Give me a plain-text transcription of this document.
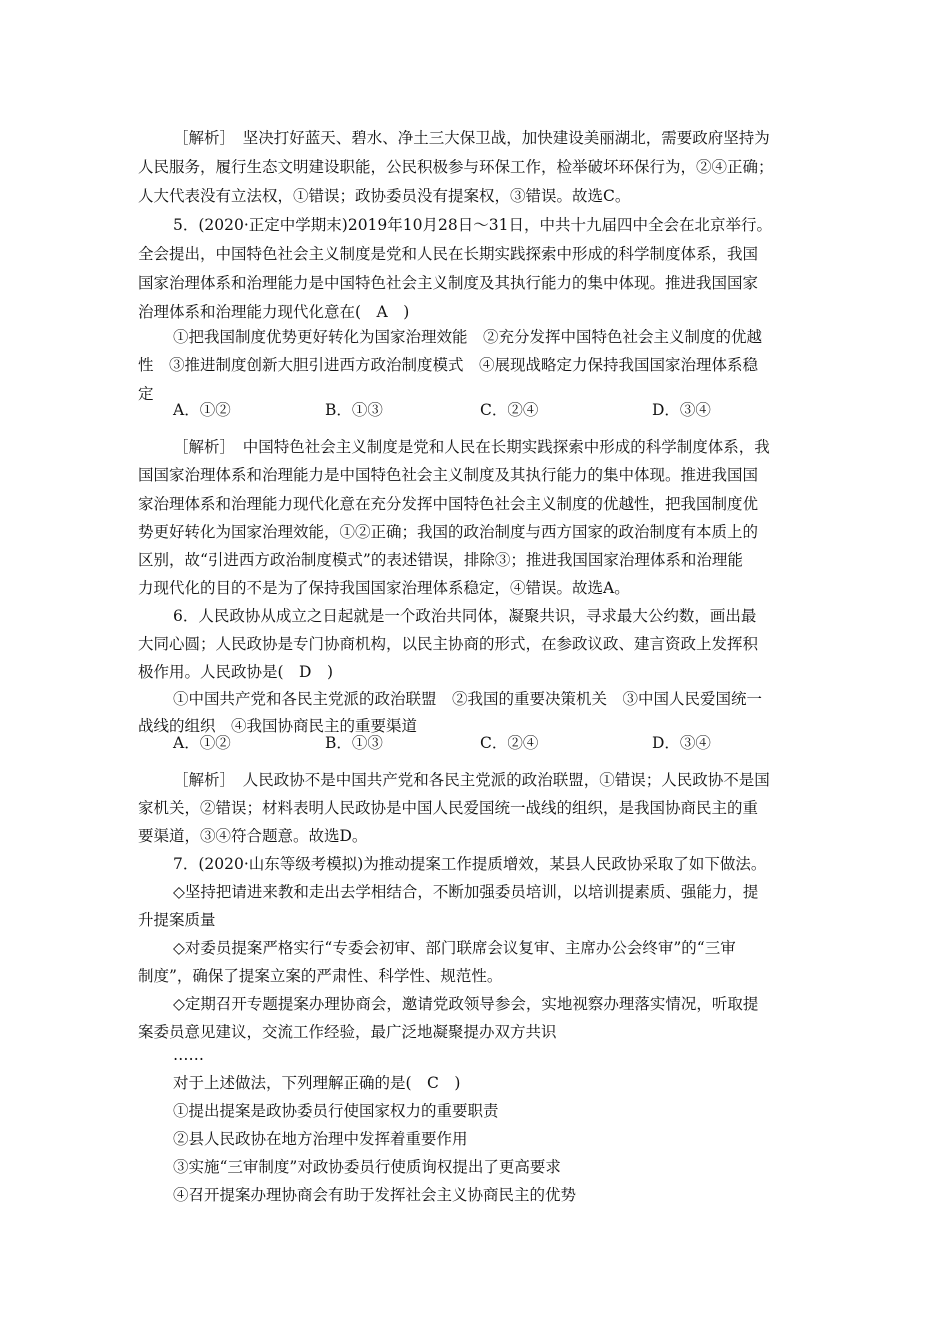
［解析］　坚决打好蓝天、碧水、净土三大保卫战，加快建设美丽湖北，需要政府坚持为
人民服务，履行生态文明建设职能，公民积极参与环保工作，检举破坏环保行为，②④正确；
人大代表没有立法权，①错误；政协委员没有提案权，③错误。故选C。
5．(2020·正定中学期末)2019年10月28日～31日，中共十九届四中全会在北京举行。
全会提出，中国特色社会主义制度是党和人民在长期实践探索中形成的科学制度体系，我国
国家治理体系和治理能力是中国特色社会主义制度及其执行能力的集中体现。推进我国国家
治理体系和治理能力现代化意在(　A　)
①把我国制度优势更好转化为国家治理效能　②充分发挥中国特色社会主义制度的优越
性　③推进制度创新大胆引进西方政治制度模式　④展现战略定力保持我国国家治理体系稳
定
［解析］　中国特色社会主义制度是党和人民在长期实践探索中形成的科学制度体系，我
国国家治理体系和治理能力是中国特色社会主义制度及其执行能力的集中体现。推进我国国
家治理体系和治理能力现代化意在充分发挥中国特色社会主义制度的优越性，把我国制度优
势更好转化为国家治理效能，①②正确；我国的政治制度与西方国家的政治制度有本质上的
区别，故“引进西方政治制度模式”的表述错误，排除③；推进我国国家治理体系和治理能
力现代化的目的不是为了保持我国国家治理体系稳定，④错误。故选A。
6．人民政协从成立之日起就是一个政治共同体，凝聚共识，寻求最大公约数，画出最
大同心圆；人民政协是专门协商机构，以民主协商的形式，在参政议政、建言资政上发挥积
极作用。人民政协是(　D　)
①中国共产党和各民主党派的政治联盟　②我国的重要决策机关　③中国人民爱国统一
战线的组织　④我国协商民主的重要渠道
［解析］　人民政协不是中国共产党和各民主党派的政治联盟，①错误；人民政协不是国
家机关，②错误；材料表明人民政协是中国人民爱国统一战线的组织，是我国协商民主的重
要渠道，③④符合题意。故选D。
7．(2020·山东等级考模拟)为推动提案工作提质增效，某县人民政协采取了如下做法。
◇坚持把请进来教和走出去学相结合，不断加强委员培训，以培训提素质、强能力，提
升提案质量
◇对委员提案严格实行“专委会初审、部门联席会议复审、主席办公会终审”的“三审
制度”，确保了提案立案的严肃性、科学性、规范性。
◇定期召开专题提案办理协商会，邀请党政领导参会，实地视察办理落实情况，听取提
案委员意见建议，交流工作经验，最广泛地凝聚提办双方共识
……
对于上述做法，下列理解正确的是(　C　)
①提出提案是政协委员行使国家权力的重要职责
②县人民政协在地方治理中发挥着重要作用
③实施“三审制度”对政协委员行使质询权提出了更高要求
④召开提案办理协商会有助于发挥社会主义协商民主的优势
A．①②	B．①③	C．②④	D．③④
A．①②	B．①③	C．②④	D．③④
